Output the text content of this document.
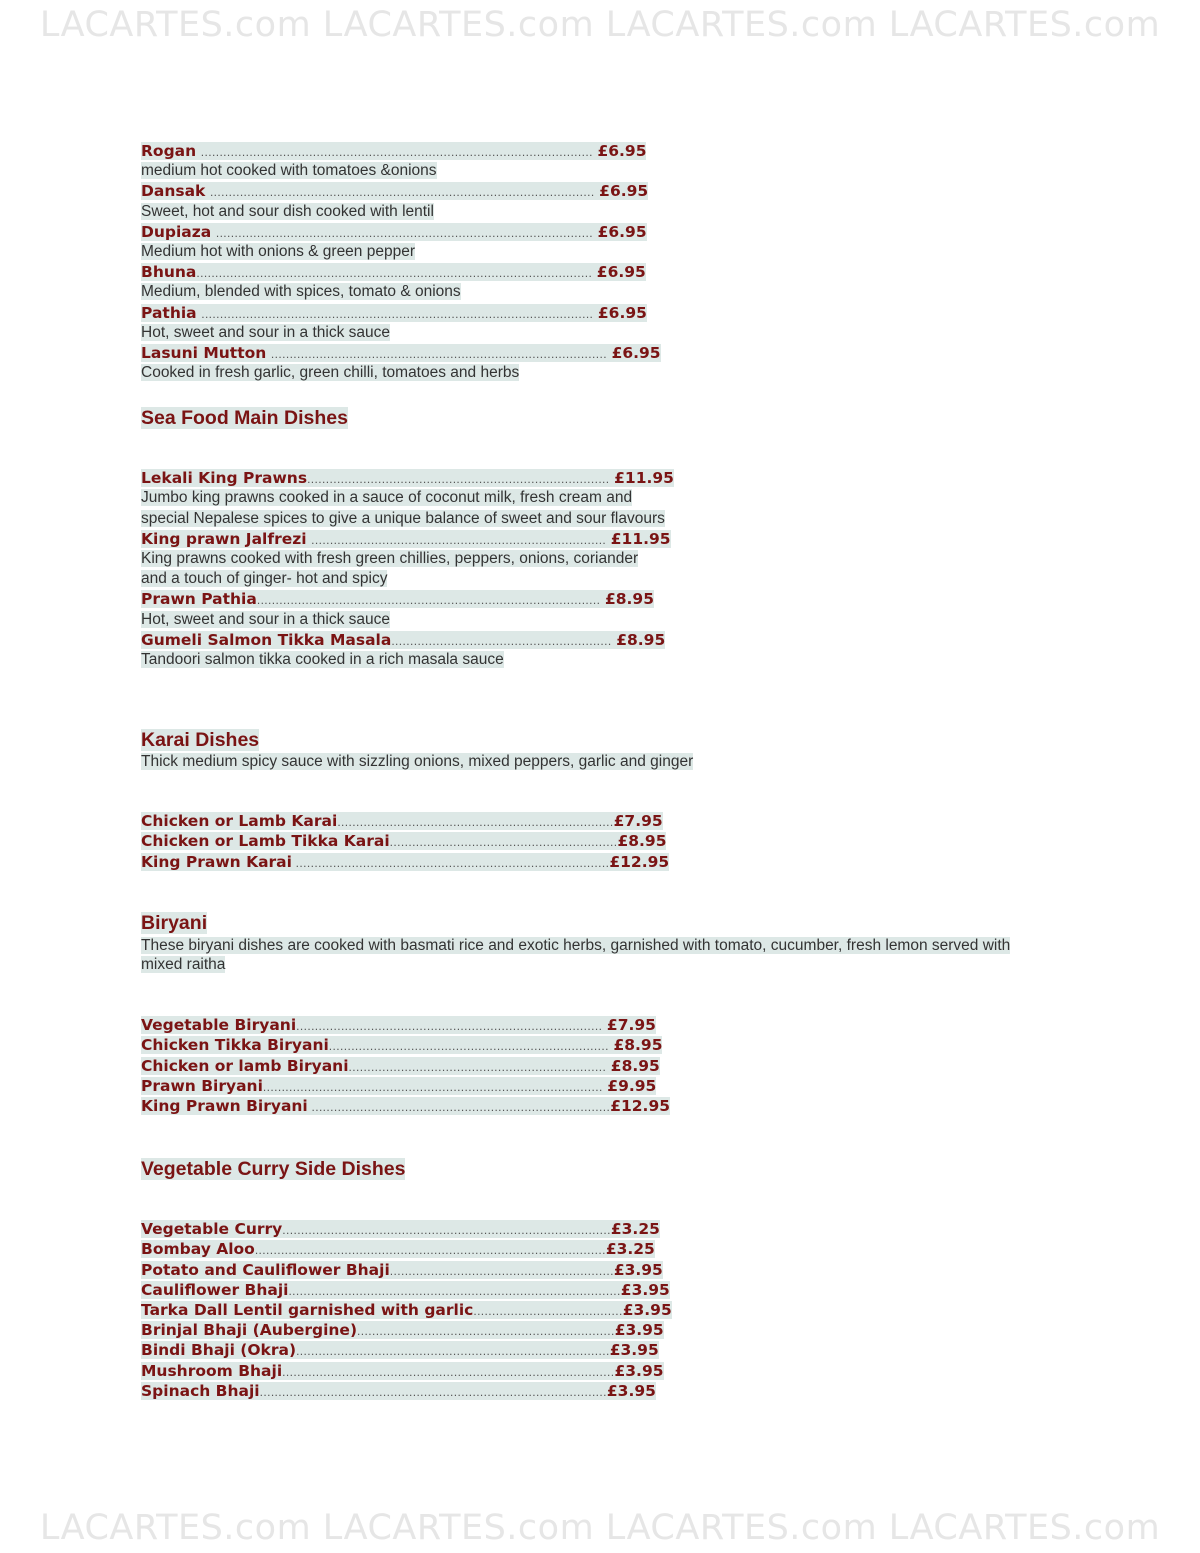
LACARTES.com LACARTES.com LACARTES.com LACARTES.com
LACARTES.com LACARTES.com LACARTES.com LACARTES.com
Rogan ......................................................................................................... £6.95
medium hot cooked with tomatoes &onions
Dansak ....................................................................................................... £6.95
Sweet, hot and sour dish cooked with lentil
Dupiaza ..................................................................................................... £6.95
Medium hot with onions & green pepper
Bhuna.......................................................................................................... £6.95
Medium, blended with spices, tomato & onions
Pathia ......................................................................................................... £6.95
Hot, sweet and sour in a thick sauce
Lasuni Mutton .......................................................................................... £6.95
Cooked in fresh garlic, green chilli, tomatoes and herbs
Sea Food Main Dishes
Lekali King Prawns................................................................................. £11.95
Jumbo king prawns cooked in a sauce of coconut milk, fresh cream and
special Nepalese spices to give a unique balance of sweet and sour flavours
King prawn Jalfrezi ............................................................................... £11.95
King prawns cooked with fresh green chillies, peppers, onions, coriander
and a touch of ginger- hot and spicy
Prawn Pathia............................................................................................ £8.95
Hot, sweet and sour in a thick sauce
Gumeli Salmon Tikka Masala........................................................... £8.95
Tandoori salmon tikka cooked in a rich masala sauce
Karai Dishes
Thick medium spicy sauce with sizzling onions, mixed peppers, garlic and ginger
Chicken or Lamb Karai..........................................................................£7.95
Chicken or Lamb Tikka Karai.............................................................£8.95
King Prawn Karai ....................................................................................£12.95
Biryani
These biryani dishes are cooked with basmati rice and exotic herbs, garnished with tomato, cucumber, fresh lemon served with mixed raitha
Vegetable Biryani.................................................................................. £7.95
Chicken Tikka Biryani........................................................................... £8.95
Chicken or lamb Biryani..................................................................... £8.95
Prawn Biryani........................................................................................... £9.95
King Prawn Biryani ................................................................................£12.95
Vegetable Curry Side Dishes
Vegetable Curry........................................................................................£3.25
Bombay Aloo..............................................................................................£3.25
Potato and Cauliflower Bhaji............................................................£3.95
Cauliflower Bhaji.........................................................................................£3.95
Tarka Dall Lentil garnished with garlic........................................£3.95
Brinjal Bhaji (Aubergine).....................................................................£3.95
Bindi Bhaji (Okra)....................................................................................£3.95
Mushroom Bhaji.........................................................................................£3.95
Spinach Bhaji.............................................................................................£3.95
